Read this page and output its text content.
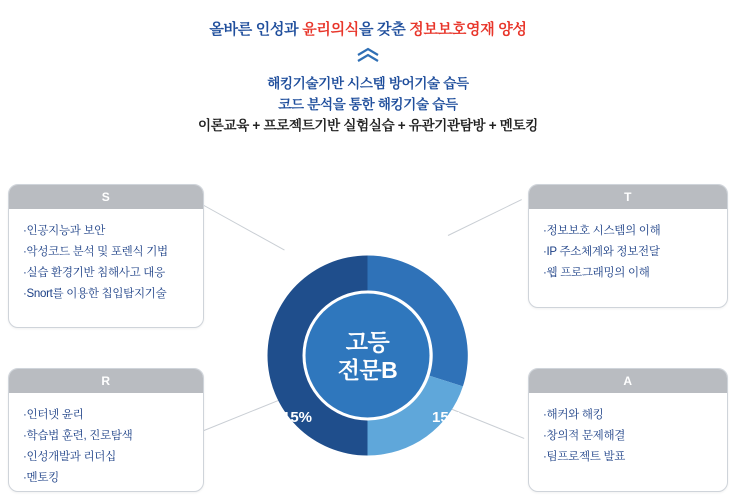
올바른 인성과 윤리의식을 갖춘 정보보호영재 양성
해킹기술기반 시스템 방어기술 습득
코드 분석을 통한 해킹기술 습득
이론교육 + 프로젝트기반 실험실습 + 유관기관탐방 + 멘토킹
고등
전문B
50%	20%
15%	15%
S
·인공지능과 보안
·악성코드 분석 및 포렌식 기법
·실습 환경기반 침해사고 대응
·Snort를 이용한 칩입탐지기술
T
·정보보호 시스템의 이해
·IP 주소체계와 정보전달
·웹 프로그래밍의 이해
R
·인터넷 윤리
·학습법 훈련, 진로탐색
·인성개발과 리더십
·멘토킹
A
·해커와 해킹
·창의적 문제해결
·팀프로젝트 발표
